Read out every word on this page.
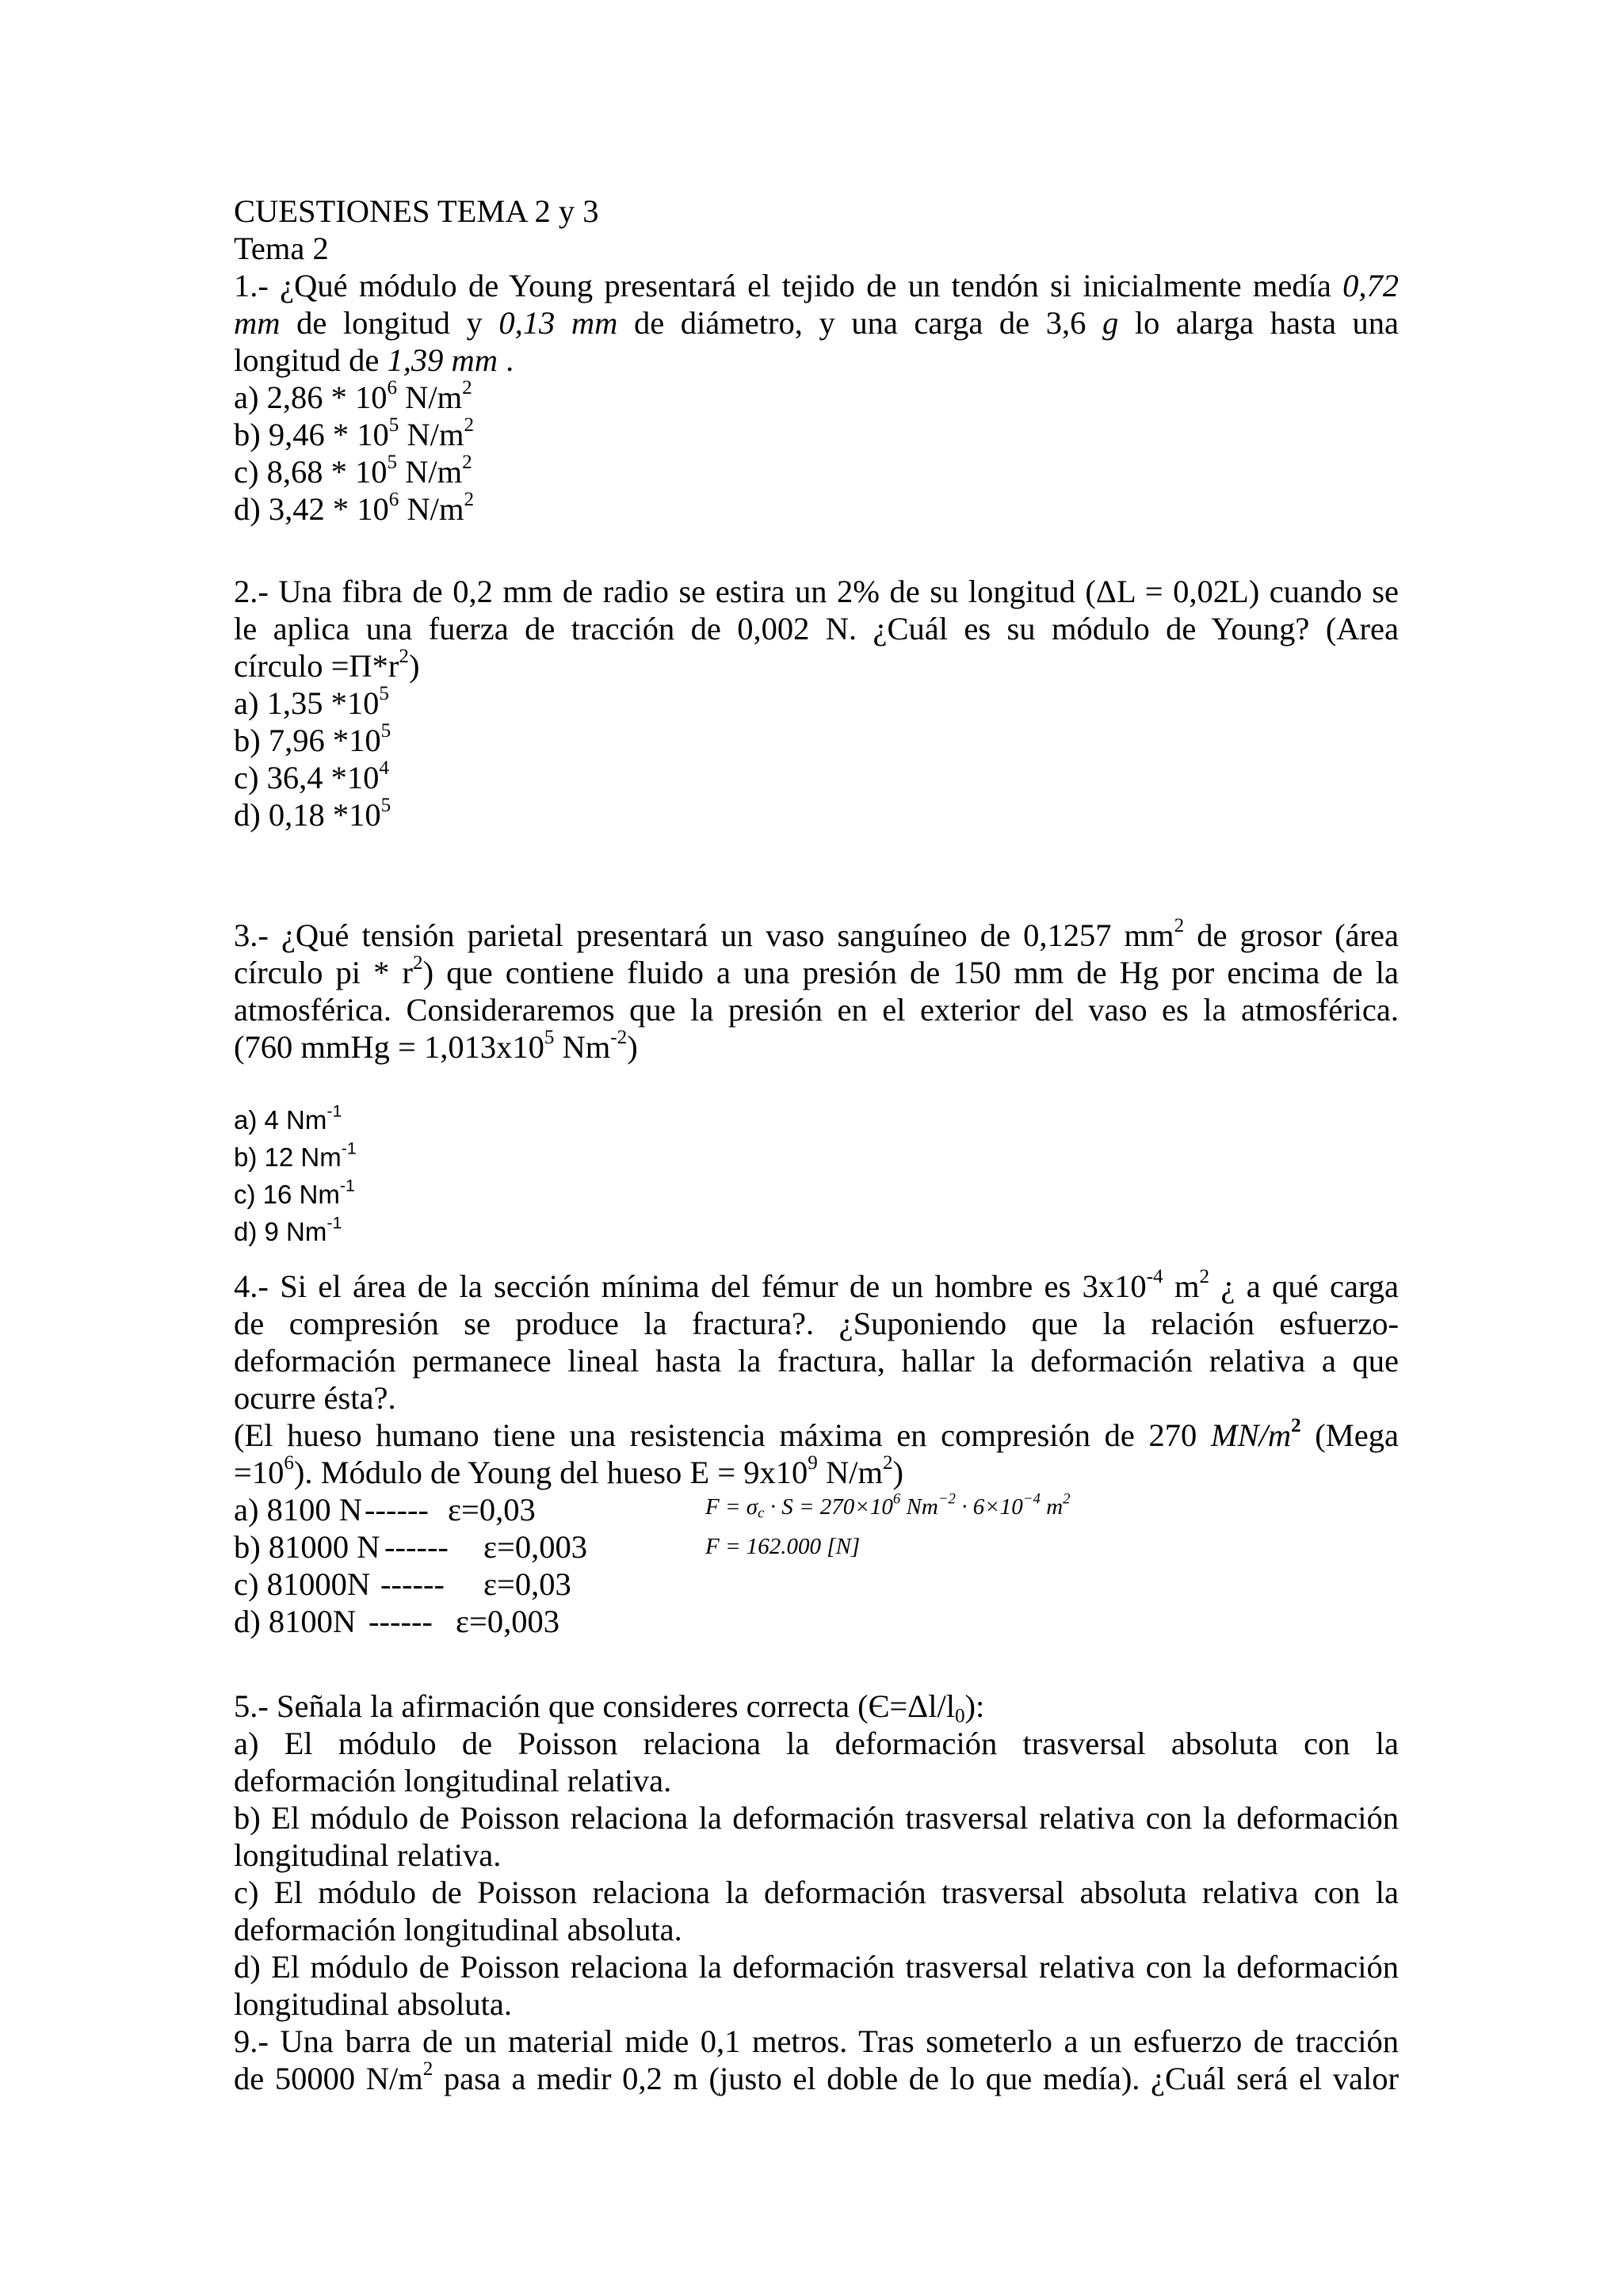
CUESTIONES TEMA 2 y 3
Tema 2
1.- ¿Qué módulo de Young presentará el tejido de un tendón si inicialmente medía 0,72
mm de longitud y 0,13 mm de diámetro, y una carga de 3,6 g lo alarga hasta una
longitud de 1,39 mm .
a) $2,86 * 10^6$ $N/m^2$
b) $9,46 * 10^5$ $N/m^2$
c) $8,68 * 10^5$ $N/m^2$
d) $3,42 * 10^6$ $N/m^2$
2.- Una fibra de 0,2 mm de radio se estira un 2% de su longitud (ΔL = 0,02L) cuando se
le aplica una fuerza de tracción de 0,002 N. ¿Cuál es su módulo de Young? (Area
círculo $=\Pi*r^2$)
a) 1,35 $*10^5$
b) 7,96 $*10^5$
c) 36,4 $*10^4$
d) 0,18 $*10^5$
3.- ¿Qué tensión parietal presentará un vaso sanguíneo de 0,1257 $mm^2$ de grosor (área
círculo pi * $r^2$) que contiene fluido a una presión de 150 mm de Hg por encima de la
atmosférica. Consideraremos que la presión en el exterior del vaso es la atmosférica.
(760 mmHg = $1,013x10^5$ $Nm^{-2}$)
a) 4 $Nm^{-1}$
b) 12 $Nm^{-1}$
c) 16 $Nm^{-1}$
d) 9 $Nm^{-1}$
4.- Si el área de la sección mínima del fémur de un hombre es $3x10^{-4}$ $m^2$ ¿ a qué carga
de compresión se produce la fractura?. ¿Suponiendo que la relación esfuerzo-
deformación permanece lineal hasta la fractura, hallar la deformación relativa a que
ocurre ésta?.
(El hueso humano tiene una resistencia máxima en compresión de 270 $MN/m^2$ (Mega
$=10^6$). Módulo de Young del hueso $E = 9x10^9$ $N/m^2$)
a) 8100 N------ ε=0,03
b) 81000 N ------ ε=0,003
c) 81000N ------ ε=0,03
d) 8100N ------ ε=0,003
$F = \sigma_c \cdot S = 270\times 10^6$ $Nm^{-2} \cdot 6\times 10^{-4}$ $m^2$
F = 162.000 [N]
5.- Señala la afirmación que consideres correcta $(Є=\Delta l/l_0)$:
a) El módulo de Poisson relaciona la deformación trasversal absoluta con la
deformación longitudinal relativa.
b) El módulo de Poisson relaciona la deformación trasversal relativa con la deformación
longitudinal relativa.
c) El módulo de Poisson relaciona la deformación trasversal absoluta relativa con la
deformación longitudinal absoluta.
d) El módulo de Poisson relaciona la deformación trasversal relativa con la deformación
longitudinal absoluta.
9.- Una barra de un material mide 0,1 metros. Tras someterlo a un esfuerzo de tracción
de 50000 $N/m^2$ pasa a medir 0,2 m (justo el doble de lo que medía). ¿Cuál será el valor
